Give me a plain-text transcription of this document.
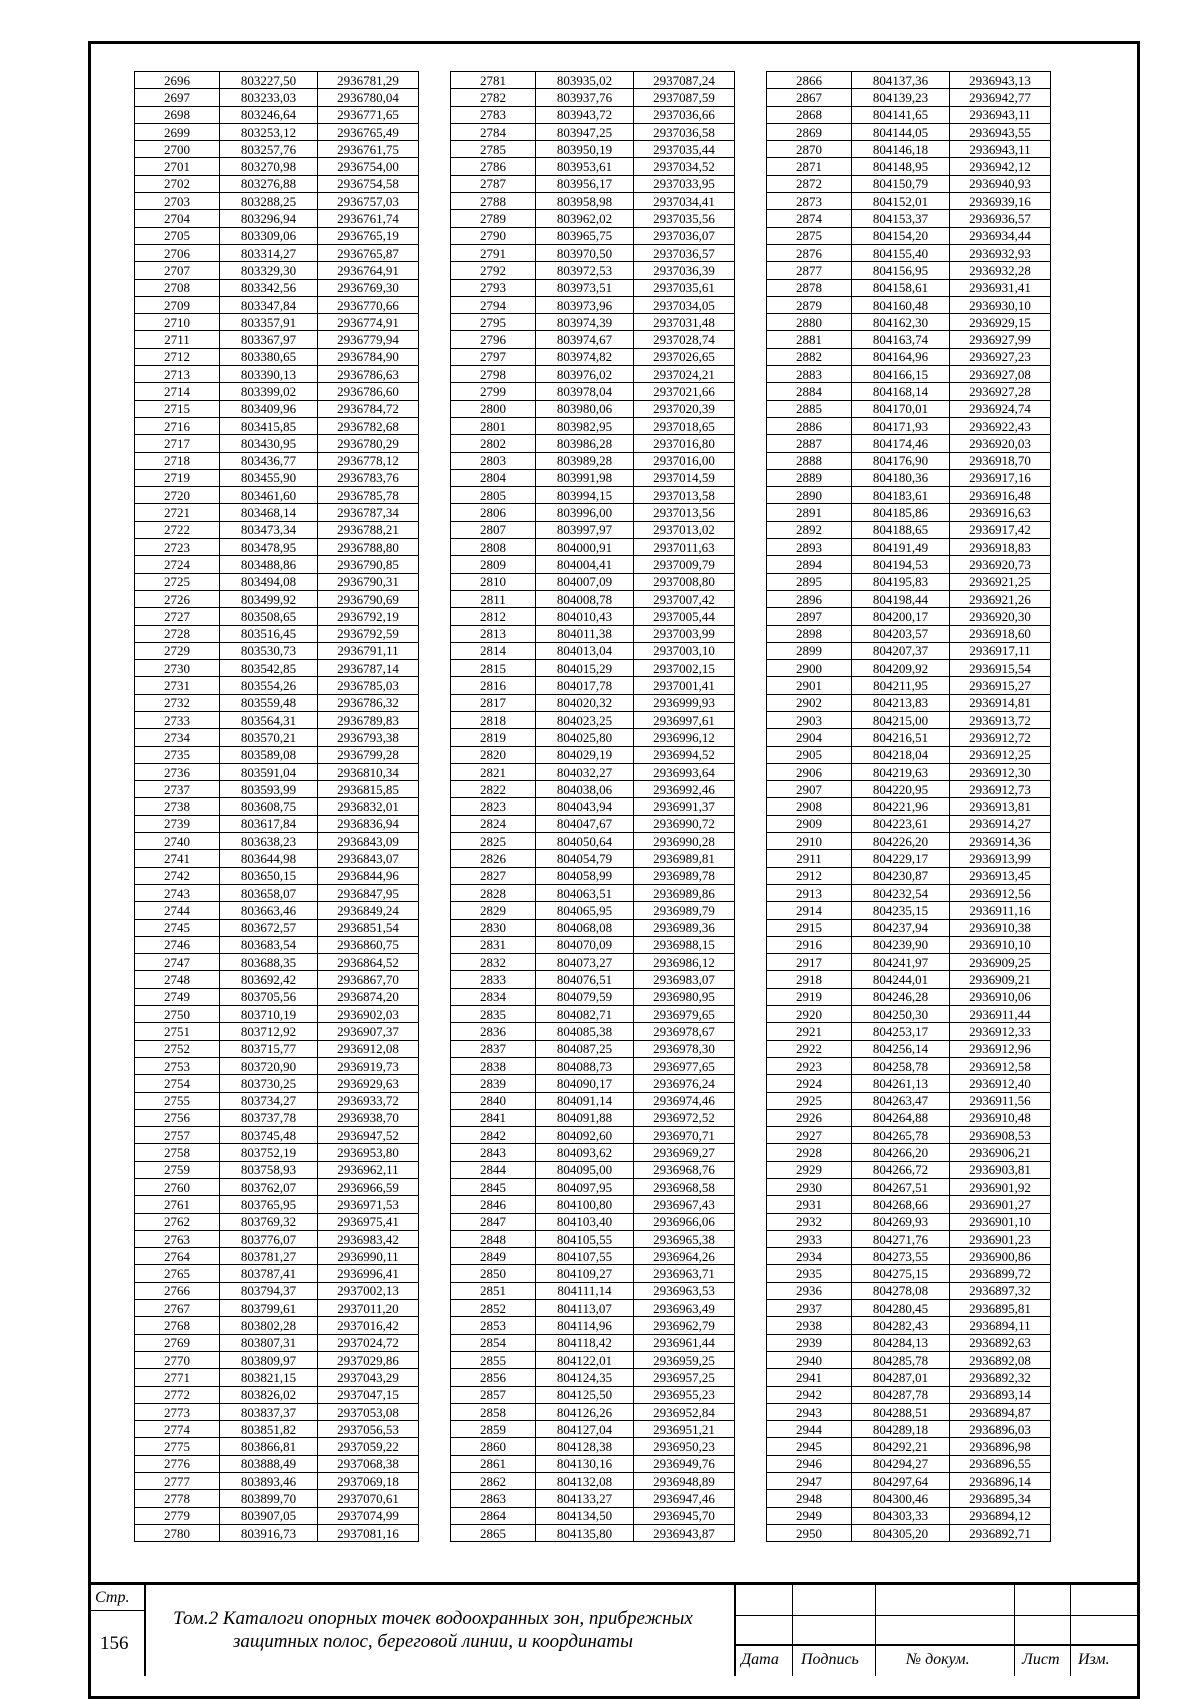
2696	803227,50	2936781,29
2697	803233,03	2936780,04
2698	803246,64	2936771,65
2699	803253,12	2936765,49
2700	803257,76	2936761,75
2701	803270,98	2936754,00
2702	803276,88	2936754,58
2703	803288,25	2936757,03
2704	803296,94	2936761,74
2705	803309,06	2936765,19
2706	803314,27	2936765,87
2707	803329,30	2936764,91
2708	803342,56	2936769,30
2709	803347,84	2936770,66
2710	803357,91	2936774,91
2711	803367,97	2936779,94
2712	803380,65	2936784,90
2713	803390,13	2936786,63
2714	803399,02	2936786,60
2715	803409,96	2936784,72
2716	803415,85	2936782,68
2717	803430,95	2936780,29
2718	803436,77	2936778,12
2719	803455,90	2936783,76
2720	803461,60	2936785,78
2721	803468,14	2936787,34
2722	803473,34	2936788,21
2723	803478,95	2936788,80
2724	803488,86	2936790,85
2725	803494,08	2936790,31
2726	803499,92	2936790,69
2727	803508,65	2936792,19
2728	803516,45	2936792,59
2729	803530,73	2936791,11
2730	803542,85	2936787,14
2731	803554,26	2936785,03
2732	803559,48	2936786,32
2733	803564,31	2936789,83
2734	803570,21	2936793,38
2735	803589,08	2936799,28
2736	803591,04	2936810,34
2737	803593,99	2936815,85
2738	803608,75	2936832,01
2739	803617,84	2936836,94
2740	803638,23	2936843,09
2741	803644,98	2936843,07
2742	803650,15	2936844,96
2743	803658,07	2936847,95
2744	803663,46	2936849,24
2745	803672,57	2936851,54
2746	803683,54	2936860,75
2747	803688,35	2936864,52
2748	803692,42	2936867,70
2749	803705,56	2936874,20
2750	803710,19	2936902,03
2751	803712,92	2936907,37
2752	803715,77	2936912,08
2753	803720,90	2936919,73
2754	803730,25	2936929,63
2755	803734,27	2936933,72
2756	803737,78	2936938,70
2757	803745,48	2936947,52
2758	803752,19	2936953,80
2759	803758,93	2936962,11
2760	803762,07	2936966,59
2761	803765,95	2936971,53
2762	803769,32	2936975,41
2763	803776,07	2936983,42
2764	803781,27	2936990,11
2765	803787,41	2936996,41
2766	803794,37	2937002,13
2767	803799,61	2937011,20
2768	803802,28	2937016,42
2769	803807,31	2937024,72
2770	803809,97	2937029,86
2771	803821,15	2937043,29
2772	803826,02	2937047,15
2773	803837,37	2937053,08
2774	803851,82	2937056,53
2775	803866,81	2937059,22
2776	803888,49	2937068,38
2777	803893,46	2937069,18
2778	803899,70	2937070,61
2779	803907,05	2937074,99
2780	803916,73	2937081,16
2781	803935,02	2937087,24
2782	803937,76	2937087,59
2783	803943,72	2937036,66
2784	803947,25	2937036,58
2785	803950,19	2937035,44
2786	803953,61	2937034,52
2787	803956,17	2937033,95
2788	803958,98	2937034,41
2789	803962,02	2937035,56
2790	803965,75	2937036,07
2791	803970,50	2937036,57
2792	803972,53	2937036,39
2793	803973,51	2937035,61
2794	803973,96	2937034,05
2795	803974,39	2937031,48
2796	803974,67	2937028,74
2797	803974,82	2937026,65
2798	803976,02	2937024,21
2799	803978,04	2937021,66
2800	803980,06	2937020,39
2801	803982,95	2937018,65
2802	803986,28	2937016,80
2803	803989,28	2937016,00
2804	803991,98	2937014,59
2805	803994,15	2937013,58
2806	803996,00	2937013,56
2807	803997,97	2937013,02
2808	804000,91	2937011,63
2809	804004,41	2937009,79
2810	804007,09	2937008,80
2811	804008,78	2937007,42
2812	804010,43	2937005,44
2813	804011,38	2937003,99
2814	804013,04	2937003,10
2815	804015,29	2937002,15
2816	804017,78	2937001,41
2817	804020,32	2936999,93
2818	804023,25	2936997,61
2819	804025,80	2936996,12
2820	804029,19	2936994,52
2821	804032,27	2936993,64
2822	804038,06	2936992,46
2823	804043,94	2936991,37
2824	804047,67	2936990,72
2825	804050,64	2936990,28
2826	804054,79	2936989,81
2827	804058,99	2936989,78
2828	804063,51	2936989,86
2829	804065,95	2936989,79
2830	804068,08	2936989,36
2831	804070,09	2936988,15
2832	804073,27	2936986,12
2833	804076,51	2936983,07
2834	804079,59	2936980,95
2835	804082,71	2936979,65
2836	804085,38	2936978,67
2837	804087,25	2936978,30
2838	804088,73	2936977,65
2839	804090,17	2936976,24
2840	804091,14	2936974,46
2841	804091,88	2936972,52
2842	804092,60	2936970,71
2843	804093,62	2936969,27
2844	804095,00	2936968,76
2845	804097,95	2936968,58
2846	804100,80	2936967,43
2847	804103,40	2936966,06
2848	804105,55	2936965,38
2849	804107,55	2936964,26
2850	804109,27	2936963,71
2851	804111,14	2936963,53
2852	804113,07	2936963,49
2853	804114,96	2936962,79
2854	804118,42	2936961,44
2855	804122,01	2936959,25
2856	804124,35	2936957,25
2857	804125,50	2936955,23
2858	804126,26	2936952,84
2859	804127,04	2936951,21
2860	804128,38	2936950,23
2861	804130,16	2936949,76
2862	804132,08	2936948,89
2863	804133,27	2936947,46
2864	804134,50	2936945,70
2865	804135,80	2936943,87
2866	804137,36	2936943,13
2867	804139,23	2936942,77
2868	804141,65	2936943,11
2869	804144,05	2936943,55
2870	804146,18	2936943,11
2871	804148,95	2936942,12
2872	804150,79	2936940,93
2873	804152,01	2936939,16
2874	804153,37	2936936,57
2875	804154,20	2936934,44
2876	804155,40	2936932,93
2877	804156,95	2936932,28
2878	804158,61	2936931,41
2879	804160,48	2936930,10
2880	804162,30	2936929,15
2881	804163,74	2936927,99
2882	804164,96	2936927,23
2883	804166,15	2936927,08
2884	804168,14	2936927,28
2885	804170,01	2936924,74
2886	804171,93	2936922,43
2887	804174,46	2936920,03
2888	804176,90	2936918,70
2889	804180,36	2936917,16
2890	804183,61	2936916,48
2891	804185,86	2936916,63
2892	804188,65	2936917,42
2893	804191,49	2936918,83
2894	804194,53	2936920,73
2895	804195,83	2936921,25
2896	804198,44	2936921,26
2897	804200,17	2936920,30
2898	804203,57	2936918,60
2899	804207,37	2936917,11
2900	804209,92	2936915,54
2901	804211,95	2936915,27
2902	804213,83	2936914,81
2903	804215,00	2936913,72
2904	804216,51	2936912,72
2905	804218,04	2936912,25
2906	804219,63	2936912,30
2907	804220,95	2936912,73
2908	804221,96	2936913,81
2909	804223,61	2936914,27
2910	804226,20	2936914,36
2911	804229,17	2936913,99
2912	804230,87	2936913,45
2913	804232,54	2936912,56
2914	804235,15	2936911,16
2915	804237,94	2936910,38
2916	804239,90	2936910,10
2917	804241,97	2936909,25
2918	804244,01	2936909,21
2919	804246,28	2936910,06
2920	804250,30	2936911,44
2921	804253,17	2936912,33
2922	804256,14	2936912,96
2923	804258,78	2936912,58
2924	804261,13	2936912,40
2925	804263,47	2936911,56
2926	804264,88	2936910,48
2927	804265,78	2936908,53
2928	804266,20	2936906,21
2929	804266,72	2936903,81
2930	804267,51	2936901,92
2931	804268,66	2936901,27
2932	804269,93	2936901,10
2933	804271,76	2936901,23
2934	804273,55	2936900,86
2935	804275,15	2936899,72
2936	804278,08	2936897,32
2937	804280,45	2936895,81
2938	804282,43	2936894,11
2939	804284,13	2936892,63
2940	804285,78	2936892,08
2941	804287,01	2936892,32
2942	804287,78	2936893,14
2943	804288,51	2936894,87
2944	804289,18	2936896,03
2945	804292,21	2936896,98
2946	804294,27	2936896,55
2947	804297,64	2936896,14
2948	804300,46	2936895,34
2949	804303,33	2936894,12
2950	804305,20	2936892,71
Стр.
156
Том.2 Каталоги опорных точек водоохранных зон, прибрежных защитных полос, береговой линии, и координаты
Дата Подпись	№ докум.	Лист Изм.
